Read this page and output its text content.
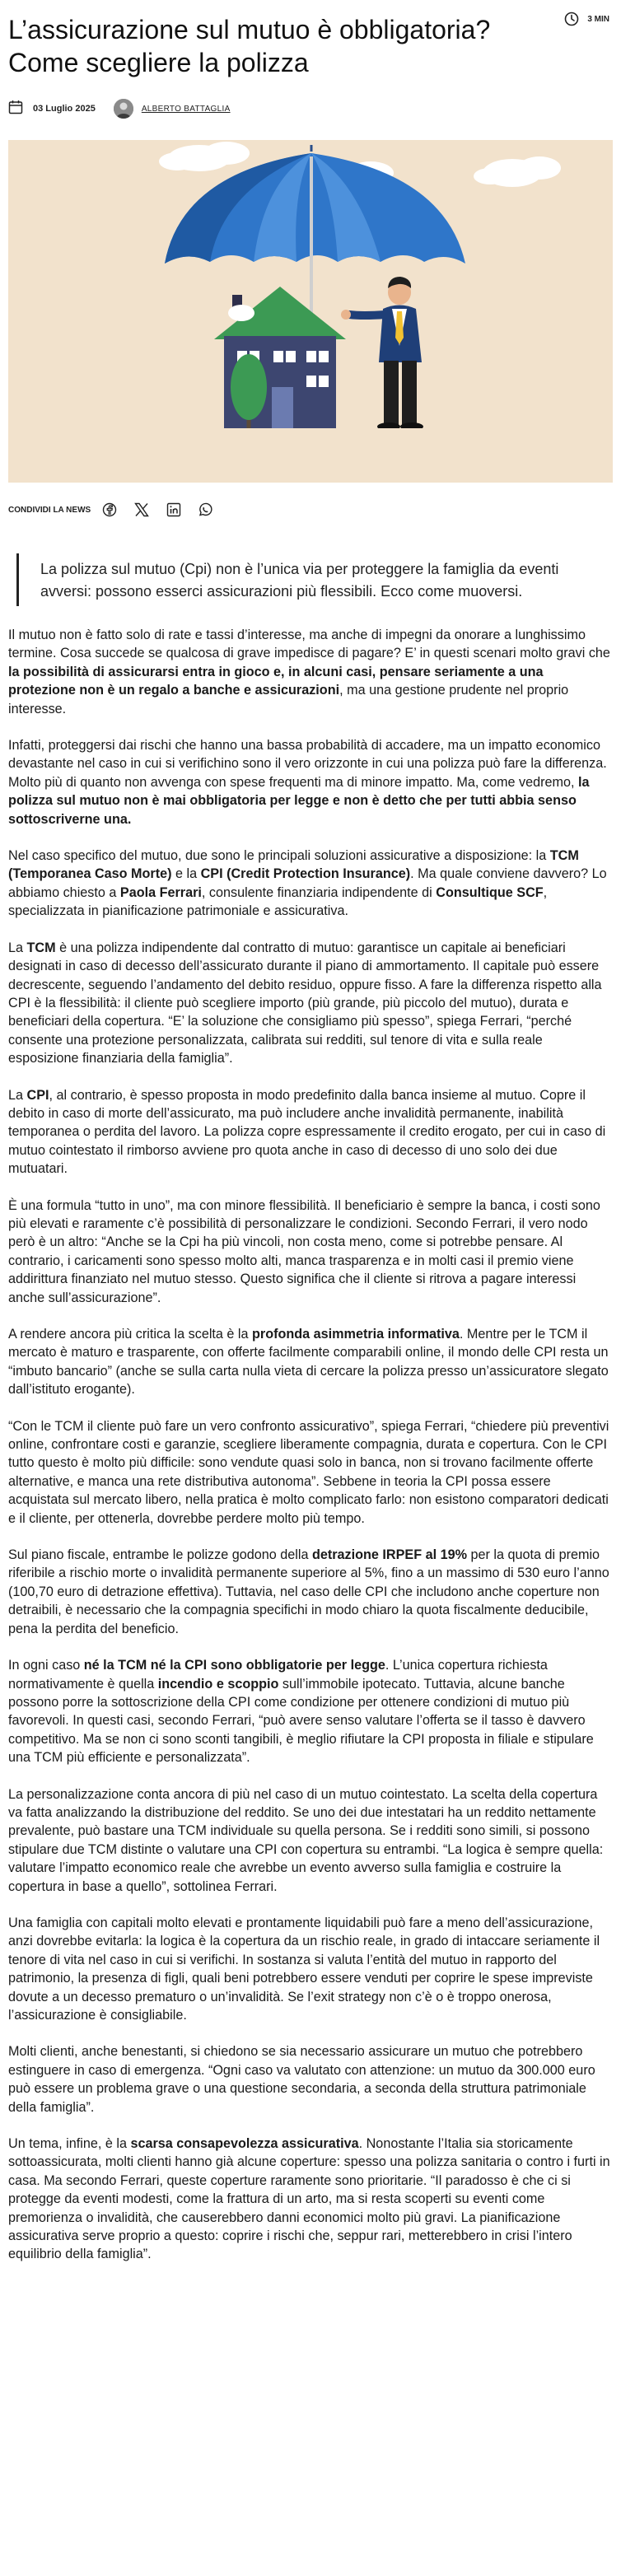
L’assicurazione sul mutuo è obbligatoria? Come scegliere la polizza
3 MIN
03 Luglio 2025	ALBERTO BATTAGLIA
CONDIVIDI LA NEWS
La polizza sul mutuo (Cpi) non è l’unica via per proteggere la famiglia da eventi avversi: possono esserci assicurazioni più flessibili. Ecco come muoversi.

Il mutuo non è fatto solo di rate e tassi d’interesse, ma anche di impegni da onorare a lunghissimo termine. Cosa succede se qualcosa di grave impedisce di pagare? E’ in questi scenari molto gravi che la possibilità di assicurarsi entra in gioco e, in alcuni casi, pensare seriamente a una protezione non è un regalo a banche e assicurazioni, ma una gestione prudente nel proprio interesse.

Infatti, proteggersi dai rischi che hanno una bassa probabilità di accadere, ma un impatto economico devastante nel caso in cui si verifichino sono il vero orizzonte in cui una polizza può fare la differenza. Molto più di quanto non avvenga con spese frequenti ma di minore impatto. Ma, come vedremo, la polizza sul mutuo non è mai obbligatoria per legge e non è detto che per tutti abbia senso sottoscriverne una.

Nel caso specifico del mutuo, due sono le principali soluzioni assicurative a disposizione: la TCM (Temporanea Caso Morte) e la CPI (Credit Protection Insurance). Ma quale conviene davvero? Lo abbiamo chiesto a Paola Ferrari, consulente finanziaria indipendente di Consultique SCF, specializzata in pianificazione patrimoniale e assicurativa.

La TCM è una polizza indipendente dal contratto di mutuo: garantisce un capitale ai beneficiari designati in caso di decesso dell’assicurato durante il piano di ammortamento. Il capitale può essere decrescente, seguendo l’andamento del debito residuo, oppure fisso. A fare la differenza rispetto alla CPI è la flessibilità: il cliente può scegliere importo (più grande, più piccolo del mutuo), durata e beneficiari della copertura. “E’ la soluzione che consigliamo più spesso”, spiega Ferrari, “perché consente una protezione personalizzata, calibrata sui redditi, sul tenore di vita e sulla reale esposizione finanziaria della famiglia”.

La CPI, al contrario, è spesso proposta in modo predefinito dalla banca insieme al mutuo. Copre il debito in caso di morte dell’assicurato, ma può includere anche invalidità permanente, inabilità temporanea o perdita del lavoro. La polizza copre espressamente il credito erogato, per cui in caso di mutuo cointestato il rimborso avviene pro quota anche in caso di decesso di uno solo dei due mutuatari.

È una formula “tutto in uno”, ma con minore flessibilità. Il beneficiario è sempre la banca, i costi sono più elevati e raramente c’è possibilità di personalizzare le condizioni. Secondo Ferrari, il vero nodo però è un altro: “Anche se la Cpi ha più vincoli, non costa meno, come si potrebbe pensare. Al contrario, i caricamenti sono spesso molto alti, manca trasparenza e in molti casi il premio viene addirittura finanziato nel mutuo stesso. Questo significa che il cliente si ritrova a pagare interessi anche sull’assicurazione”.

A rendere ancora più critica la scelta è la profonda asimmetria informativa. Mentre per le TCM il mercato è maturo e trasparente, con offerte facilmente comparabili online, il mondo delle CPI resta un “imbuto bancario” (anche se sulla carta nulla vieta di cercare la polizza presso un’assicuratore slegato dall’istituto erogante).

“Con le TCM il cliente può fare un vero confronto assicurativo”, spiega Ferrari, “chiedere più preventivi online, confrontare costi e garanzie, scegliere liberamente compagnia, durata e copertura. Con le CPI tutto questo è molto più difficile: sono vendute quasi solo in banca, non si trovano facilmente offerte alternative, e manca una rete distributiva autonoma”. Sebbene in teoria la CPI possa essere acquistata sul mercato libero, nella pratica è molto complicato farlo: non esistono comparatori dedicati e il cliente, per ottenerla, dovrebbe perdere molto più tempo.

Sul piano fiscale, entrambe le polizze godono della detrazione IRPEF al 19% per la quota di premio riferibile a rischio morte o invalidità permanente superiore al 5%, fino a un massimo di 530 euro l’anno (100,70 euro di detrazione effettiva). Tuttavia, nel caso delle CPI che includono anche coperture non detraibili, è necessario che la compagnia specifichi in modo chiaro la quota fiscalmente deducibile, pena la perdita del beneficio.

In ogni caso né la TCM né la CPI sono obbligatorie per legge. L’unica copertura richiesta normativamente è quella incendio e scoppio sull’immobile ipotecato. Tuttavia, alcune banche possono porre la sottoscrizione della CPI come condizione per ottenere condizioni di mutuo più favorevoli. In questi casi, secondo Ferrari, “può avere senso valutare l’offerta se il tasso è davvero competitivo. Ma se non ci sono sconti tangibili, è meglio rifiutare la CPI proposta in filiale e stipulare una TCM più efficiente e personalizzata”.

La personalizzazione conta ancora di più nel caso di un mutuo cointestato. La scelta della copertura va fatta analizzando la distribuzione del reddito. Se uno dei due intestatari ha un reddito nettamente prevalente, può bastare una TCM individuale su quella persona. Se i redditi sono simili, si possono stipulare due TCM distinte o valutare una CPI con copertura su entrambi. “La logica è sempre quella: valutare l’impatto economico reale che avrebbe un evento avverso sulla famiglia e costruire la copertura in base a quello”, sottolinea Ferrari.

Una famiglia con capitali molto elevati e prontamente liquidabili può fare a meno dell’assicurazione, anzi dovrebbe evitarla: la logica è la copertura da un rischio reale, in grado di intaccare seriamente il tenore di vita nel caso in cui si verifichi. In sostanza si valuta l’entità del mutuo in rapporto del patrimonio, la presenza di figli, quali beni potrebbero essere venduti per coprire le spese impreviste dovute a un decesso prematuro o un’invalidità. Se l’exit strategy non c’è o è troppo onerosa, l’assicurazione è consigliabile.

Molti clienti, anche benestanti, si chiedono se sia necessario assicurare un mutuo che potrebbero estinguere in caso di emergenza. “Ogni caso va valutato con attenzione: un mutuo da 300.000 euro può essere un problema grave o una questione secondaria, a seconda della struttura patrimoniale della famiglia”.

Un tema, infine, è la scarsa consapevolezza assicurativa. Nonostante l’Italia sia storicamente sottoassicurata, molti clienti hanno già alcune coperture: spesso una polizza sanitaria o contro i furti in casa. Ma secondo Ferrari, queste coperture raramente sono prioritarie. “Il paradosso è che ci si protegge da eventi modesti, come la frattura di un arto, ma si resta scoperti su eventi come premorienza o invalidità, che causerebbero danni economici molto più gravi. La pianificazione assicurativa serve proprio a questo: coprire i rischi che, seppur rari, metterebbero in crisi l’intero equilibrio della famiglia”.
